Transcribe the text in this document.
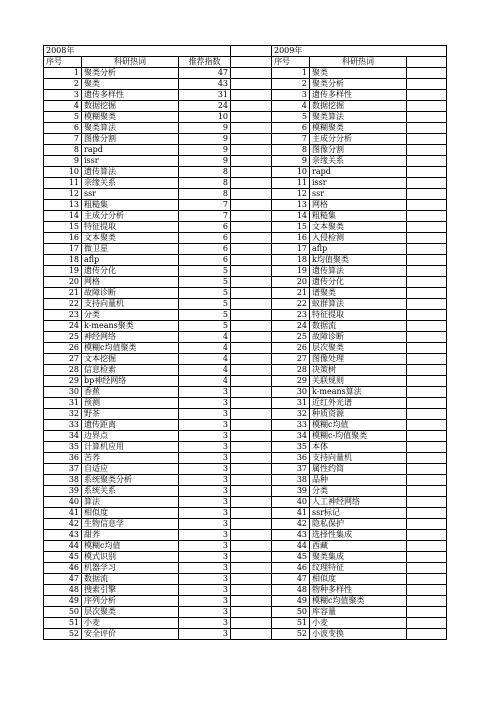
2008年				2009年		
序号	科研热词	推荐指数		序号	科研热词	
1	聚类分析	47		1	聚类	
2	聚类	43		2	聚类分析	
3	遗传多样性	31		3	遗传多样性	
4	数据挖掘	24		4	数据挖掘	
5	模糊聚类	10		5	聚类算法	
6	聚类算法	9		6	模糊聚类	
7	图像分割	9		7	主成分分析	
8	rapd	9		8	图像分割	
9	issr	9		9	亲缘关系	
10	遗传算法	8		10	rapd	
11	亲缘关系	8		11	issr	
12	ssr	8		12	ssr	
13	粗糙集	7		13	网格	
14	主成分分析	7		14	粗糙集	
15	特征提取	6		15	文本聚类	
16	文本聚类	6		16	入侵检测	
17	微卫星	6		17	aflp	
18	aflp	6		18	k均值聚类	
19	遗传分化	5		19	遗传算法	
20	网格	5		20	遗传分化	
21	故障诊断	5		21	谱聚类	
22	支持向量机	5		22	蚁群算法	
23	分类	5		23	特征提取	
24	k-means聚类	5		24	数据流	
25	神经网络	4		25	故障诊断	
26	模糊c均值聚类	4		26	层次聚类	
27	文本挖掘	4		27	图像处理	
28	信息检索	4		28	决策树	
29	bp神经网络	4		29	关联规则	
30	香蕉	3		30	k-means算法	
31	预测	3		31	近红外光谱	
32	野茶	3		32	种质资源	
33	遗传距离	3		33	模糊c均值	
34	边界点	3		34	模糊c-均值聚类	
35	计算机应用	3		35	本体	
36	苦荞	3		36	支持向量机	
37	自适应	3		37	属性约简	
38	系统聚类分析	3		38	品种	
39	系统关系	3		39	分类	
40	算法	3		40	人工神经网络	
41	相似度	3		41	ssr标记	
42	生物信息学	3		42	隐私保护	
43	甜荞	3		43	选择性集成	
44	模糊c均值	3		44	西藏	
45	模式识别	3		45	聚类集成	
46	机器学习	3		46	纹理特征	
47	数据流	3		47	相似度	
48	搜索引擎	3		48	物种多样性	
49	序列分析	3		49	模糊c均值聚类	
50	层次聚类	3		50	库容量	
51	小麦	3		51	小麦	
52	安全评价	3		52	小波变换	
